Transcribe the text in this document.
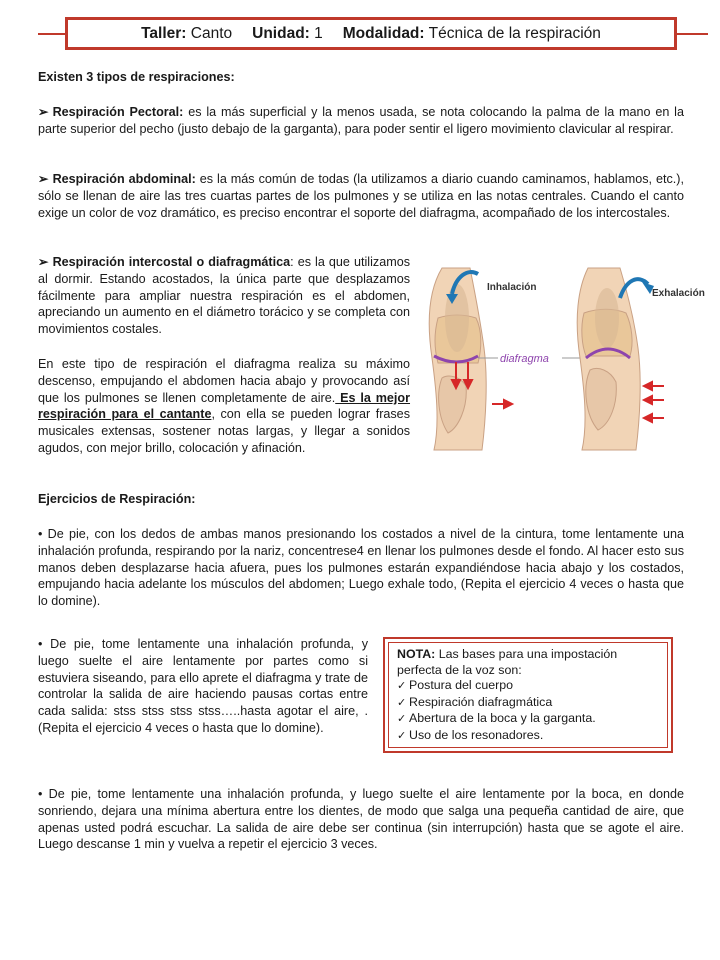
Taller: Canto Unidad: 1 Modalidad: Técnica de la respiración
Existen 3 tipos de respiraciones:

➢ Respiración Pectoral: es la más superficial y la menos usada, se nota colocando la palma de la mano en la parte superior del pecho (justo debajo de la garganta), para poder sentir el ligero movimiento clavicular al respirar.

➢ Respiración abdominal: es la más común de todas (la utilizamos a diario cuando caminamos, hablamos, etc.), sólo se llenan de aire las tres cuartas partes de los pulmones y se utiliza en las notas centrales. Cuando el canto exige un color de voz dramático, es preciso encontrar el soporte del diafragma, acompañado de los intercostales.

➢ Respiración intercostal o diafragmática: es la que utilizamos al dormir. Estando acostados, la única parte que desplazamos fácilmente para ampliar nuestra respiración es el abdomen, apreciando un aumento en el diámetro torácico y se completa con movimientos costales.

En este tipo de respiración el diafragma realiza su máximo descenso, empujando el abdomen hacia abajo y provocando así que los pulmones se llenen completamente de aire. Es la mejor respiración para el cantante, con ella se pueden lograr frases musicales extensas, sostener notas largas, y llegar a sonidos agudos, con mejor brillo, colocación y afinación.

Inhalación
diafragma
Exhalación
Ejercicios de Respiración:

• De pie, con los dedos de ambas manos presionando los costados a nivel de la cintura, tome lentamente una inhalación profunda, respirando por la nariz, concentrese4 en llenar los pulmones desde el fondo. Al hacer esto sus manos deben desplazarse hacia afuera, pues los pulmones estarán expandiéndose hacia abajo y los costados, empujando hacia adelante los músculos del abdomen; Luego exhale todo, (Repita el ejercicio 4 veces o hasta que lo domine).

• De pie, tome lentamente una inhalación profunda, y luego suelte el aire lentamente por partes como si estuviera siseando, para ello aprete el diafragma y trate de controlar la salida de aire haciendo pausas cortas entre cada salida: stss stss stss stss…..hasta agotar el aire, . (Repita el ejercicio 4 veces o hasta que lo domine).

NOTA: Las bases para una impostación perfecta de la voz son:
✓ Postura del cuerpo
✓ Respiración diafragmática
✓ Abertura de la boca y la garganta.
✓ Uso de los resonadores.

• De pie, tome lentamente una inhalación profunda, y luego suelte el aire lentamente por la boca, en donde sonriendo, dejara una mínima abertura entre los dientes, de modo que salga una pequeña cantidad de aire, que apenas usted podrá escuchar. La salida de aire debe ser continua (sin interrupción) hasta que se agote el aire. Luego descanse 1 min y vuelva a repetir el ejercicio 3 veces.
